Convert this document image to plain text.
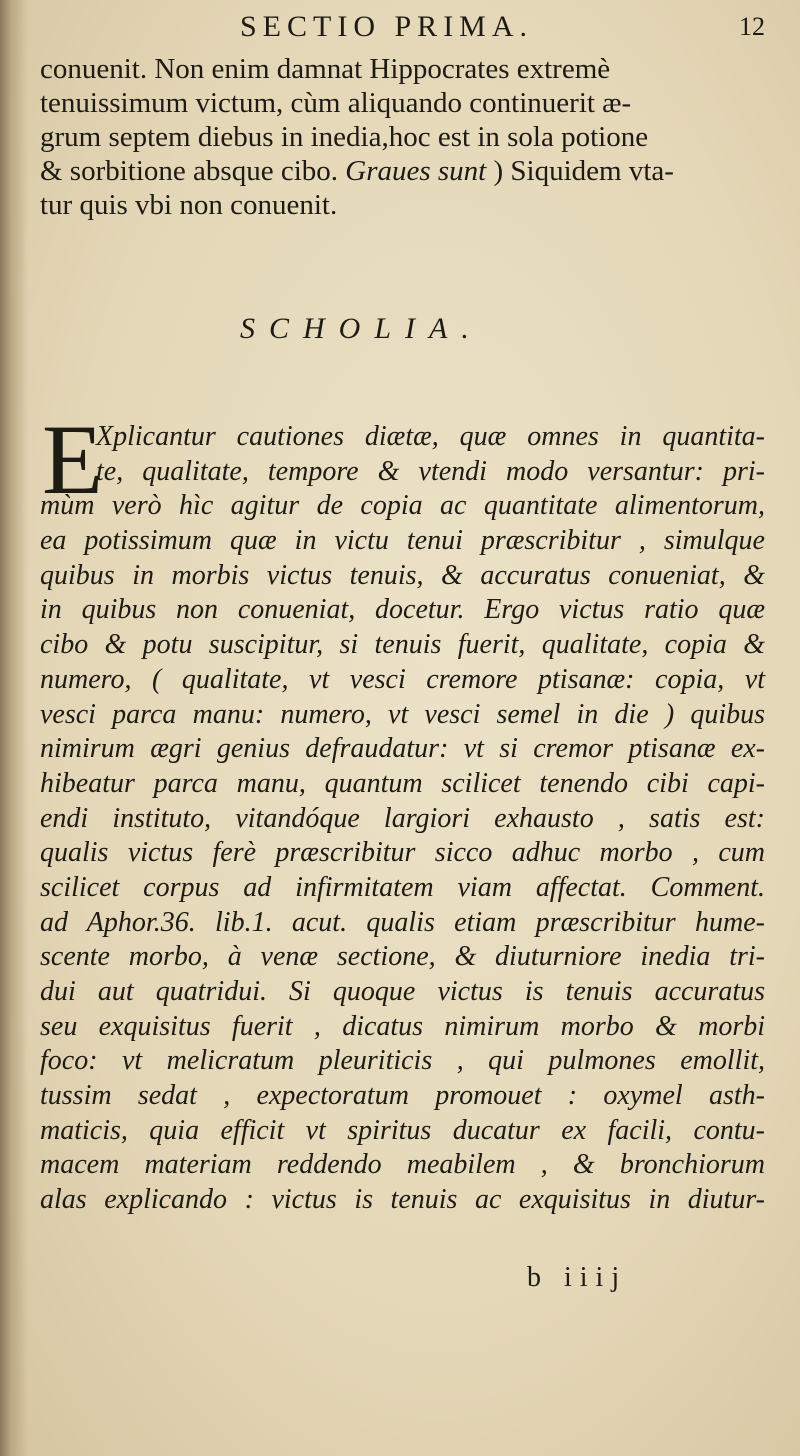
SECTIO PRIMA.	12
conuenit. Non enim damnat Hippocrates extremè
tenuissimum victum, cùm aliquando continuerit æ-
grum septem diebus in inedia,hoc est in sola potione
& sorbitione absque cibo. Graues sunt ) Siquidem vta-
tur quis vbi non conuenit.
SCHOLIA.
E
Xplicantur cautiones diætæ, quæ omnes in quantita-
te, qualitate, tempore & vtendi modo versantur: pri-
mùm verò hìc agitur de copia ac quantitate alimentorum,
ea potissimum quæ in victu tenui præscribitur , simulque
quibus in morbis victus tenuis, & accuratus conueniat, &
in quibus non conueniat, docetur. Ergo victus ratio quæ
cibo & potu suscipitur, si tenuis fuerit, qualitate, copia &
numero, ( qualitate, vt vesci cremore ptisanæ: copia, vt
vesci parca manu: numero, vt vesci semel in die ) quibus
nimirum ægri genius defraudatur: vt si cremor ptisanæ ex-
hibeatur parca manu, quantum scilicet tenendo cibi capi-
endi instituto, vitandóque largiori exhausto , satis est:
qualis victus ferè præscribitur sicco adhuc morbo , cum
scilicet corpus ad infirmitatem viam affectat. Comment.
ad Aphor.36. lib.1. acut. qualis etiam præscribitur hume-
scente morbo, à venæ sectione, & diuturniore inedia tri-
dui aut quatridui. Si quoque victus is tenuis accuratus
seu exquisitus fuerit , dicatus nimirum morbo & morbi
foco: vt melicratum pleuriticis , qui pulmones emollit,
tussim sedat , expectoratum promouet : oxymel asth-
maticis, quia efficit vt spiritus ducatur ex facili, contu-
macem materiam reddendo meabilem , & bronchiorum
alas explicando : victus is tenuis ac exquisitus in diutur-
b iiij
